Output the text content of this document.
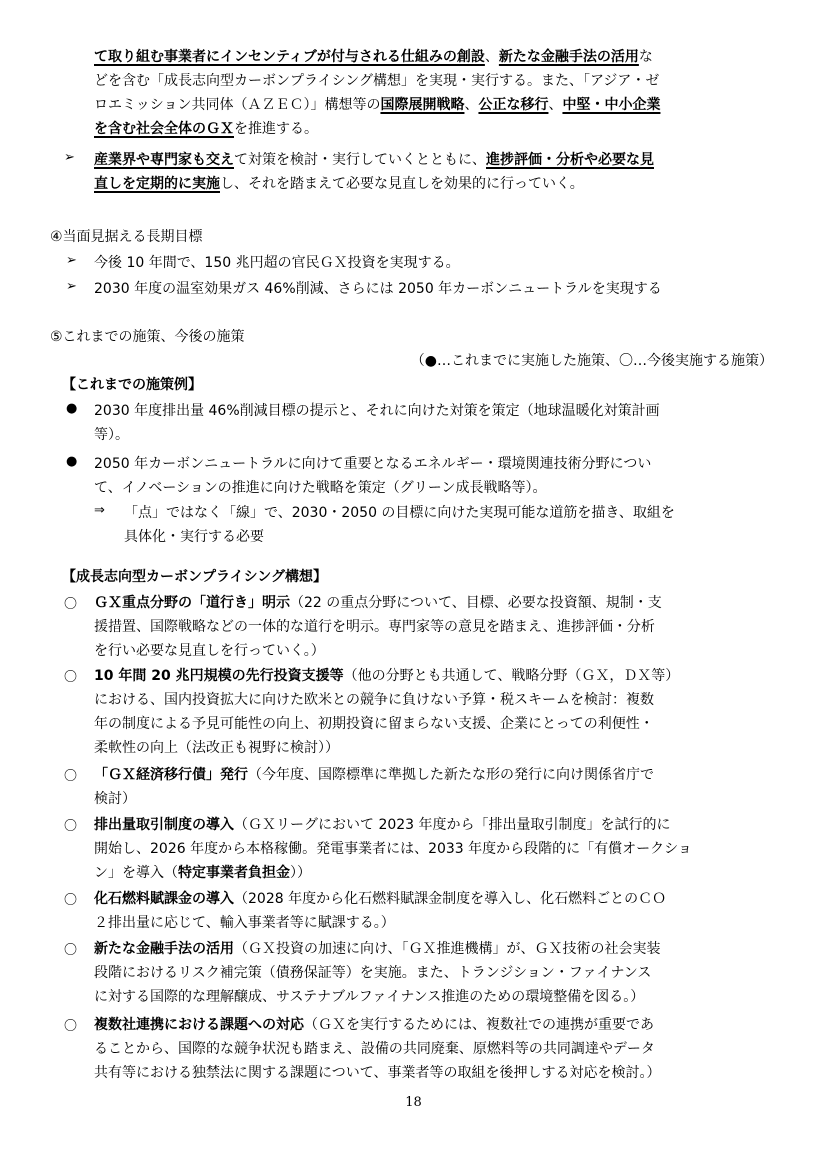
て取り組む事業者にインセンティブが付与される仕組みの創設、新たな金融手法の活用な

どを含む「成長志向型カーボンプライシング構想」を実現・実行する。また、「アジア・ゼ

ロエミッション共同体（ＡＺＥＣ）」構想等の国際展開戦略、公正な移行、中堅・中小企業

を含む社会全体のＧＸを推進する。

➢ 産業界や専門家も交えて対策を検討・実行していくとともに、進捗評価・分析や必要な見

直しを定期的に実施し、それを踏まえて必要な見直しを効果的に行っていく。

④当面見据える長期目標
➢ 今後 10 年間で、150 兆円超の官民ＧＸ投資を実現する。
➢ 2030 年度の温室効果ガス 46%削減、さらには 2050 年カーボンニュートラルを実現する
⑤これまでの施策、今後の施策
（●…これまでに実施した施策、〇…今後実施する施策）
【これまでの施策例】
● 2030 年度排出量 46%削減目標の提示と、それに向けた対策を策定（地球温暖化対策計画

等）。

● 2050 年カーボンニュートラルに向けて重要となるエネルギー・環境関連技術分野につい

て、イノベーションの推進に向けた戦略を策定（グリーン成長戦略等）。

⇒ 「点」ではなく「線」で、2030・2050 の目標に向けた実現可能な道筋を描き、取組を

具体化・実行する必要

【成長志向型カーボンプライシング構想】
〇 ＧＸ重点分野の「道行き」明示（22 の重点分野について、目標、必要な投資額、規制・支

援措置、国際戦略などの一体的な道行を明示。専門家等の意見を踏まえ、進捗評価・分析

を行い必要な見直しを行っていく。）

〇 10 年間 20 兆円規模の先行投資支援等（他の分野とも共通して、戦略分野（ＧＸ，ＤＸ等）

における、国内投資拡大に向けた欧米との競争に負けない予算・税スキームを検討：複数

年の制度による予見可能性の向上、初期投資に留まらない支援、企業にとっての利便性・

柔軟性の向上（法改正も視野に検討））

〇 「ＧＸ経済移行債」発行（今年度、国際標準に準拠した新たな形の発行に向け関係省庁で

検討）

〇 排出量取引制度の導入（ＧＸリーグにおいて 2023 年度から「排出量取引制度」を試行的に

開始し、2026 年度から本格稼働。発電事業者には、2033 年度から段階的に「有償オークショ

ン」を導入（特定事業者負担金））

〇 化石燃料賦課金の導入（2028 年度から化石燃料賦課金制度を導入し、化石燃料ごとのＣＯ

２排出量に応じて、輸入事業者等に賦課する。）

〇 新たな金融手法の活用（ＧＸ投資の加速に向け、「ＧＸ推進機構」が、ＧＸ技術の社会実装

段階におけるリスク補完策（債務保証等）を実施。また、トランジション・ファイナンス

に対する国際的な理解醸成、サステナブルファイナンス推進のための環境整備を図る。）

〇 複数社連携における課題への対応（ＧＸを実行するためには、複数社での連携が重要であ

ることから、国際的な競争状況も踏まえ、設備の共同廃棄、原燃料等の共同調達やデータ

共有等における独禁法に関する課題について、事業者等の取組を後押しする対応を検討。）

18
